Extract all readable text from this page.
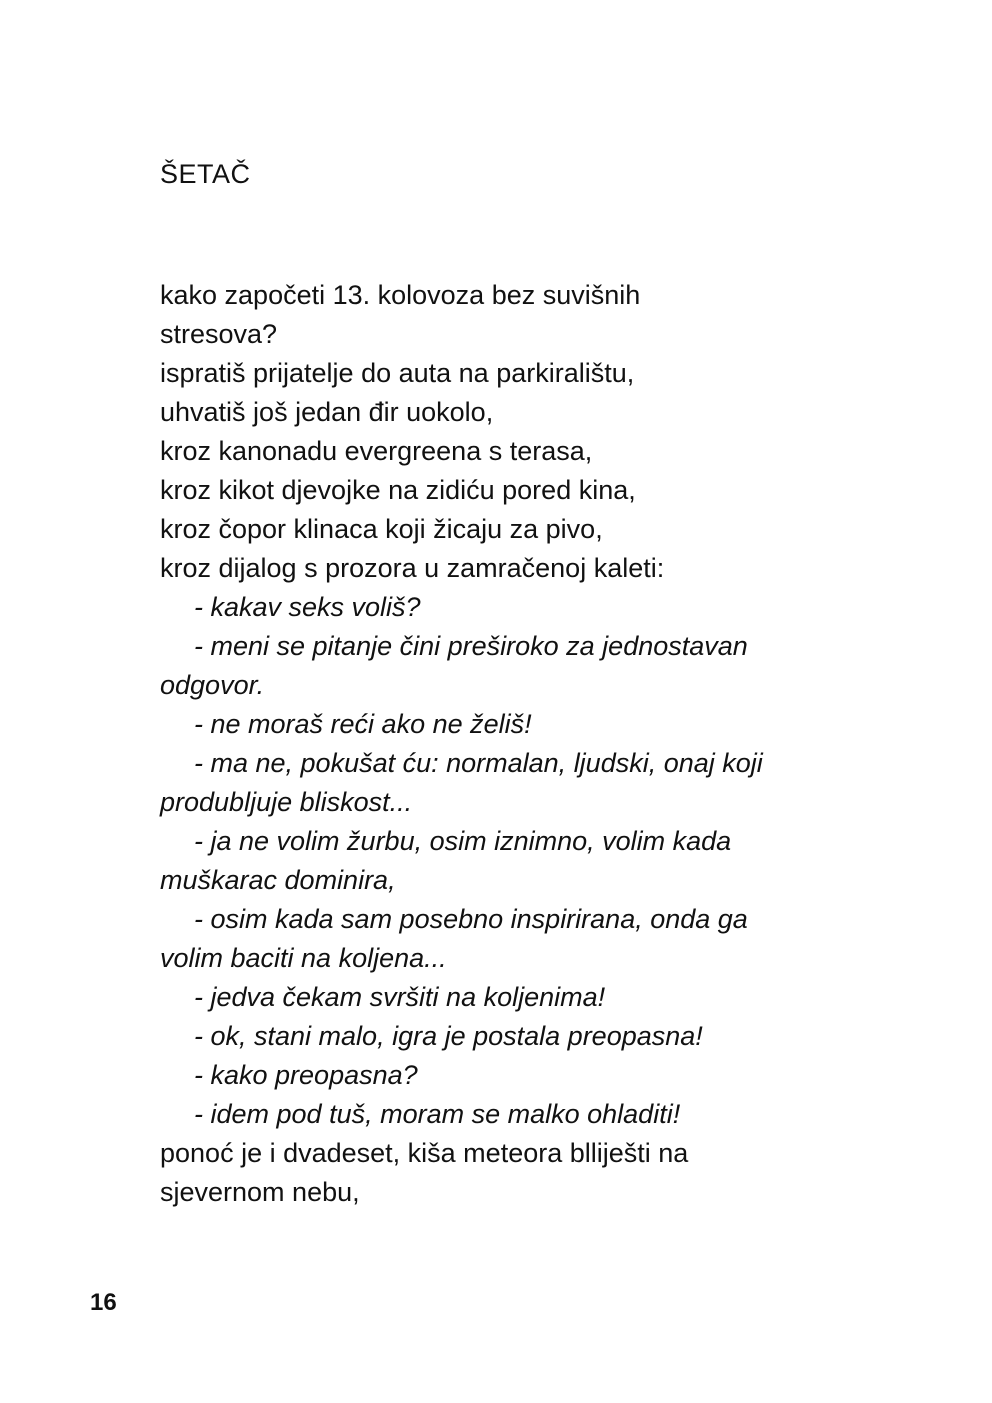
ŠETAČ
kako započeti 13. kolovoza bez suvišnih
stresova?
ispratiš prijatelje do auta na parkiralištu,
uhvatiš još jedan đir uokolo,
kroz kanonadu evergreena s terasa,
kroz kikot djevojke na zidiću pored kina,
kroz čopor klinaca koji žicaju za pivo,
kroz dijalog s prozora u zamračenoj kaleti:
- kakav seks voliš?
- meni se pitanje čini preširoko za jednostavan
odgovor.
- ne moraš reći ako ne želiš!
- ma ne, pokušat ću: normalan, ljudski, onaj koji
produbljuje bliskost...
- ja ne volim žurbu, osim iznimno, volim kada
muškarac dominira,
- osim kada sam posebno inspirirana, onda ga
volim baciti na koljena...
- jedva čekam svršiti na koljenima!
- ok, stani malo, igra je postala preopasna!
- kako preopasna?
- idem pod tuš, moram se malko ohladiti!
ponoć je i dvadeset, kiša meteora blliješti na
sjevernom nebu,
16
